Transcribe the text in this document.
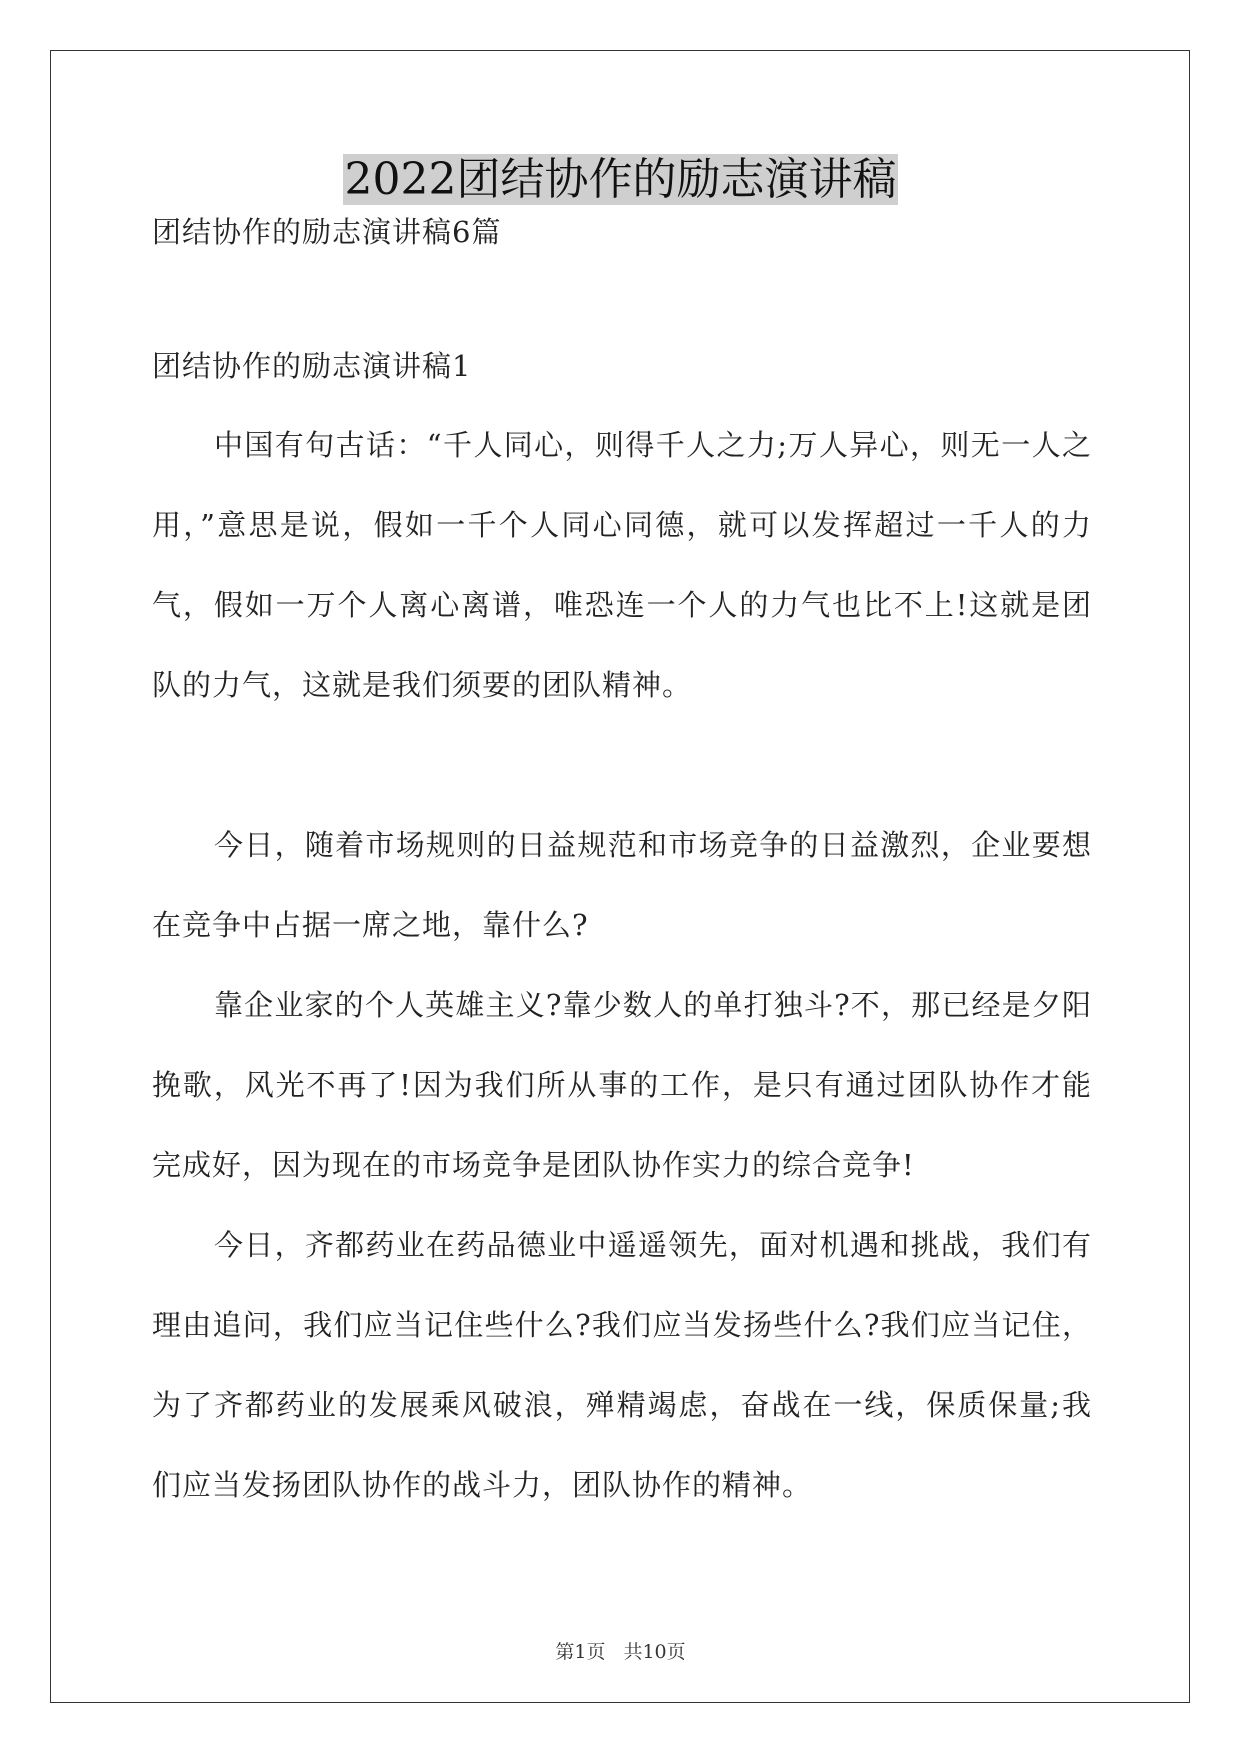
2022团结协作的励志演讲稿

团结协作的励志演讲稿6篇

团结协作的励志演讲稿1

中国有句古话：“千人同心，则得千人之力;万人异心，则无一人之用，”意思是说，假如一千个人同心同德，就可以发挥超过一千人的力气，假如一万个人离心离谱，唯恐连一个人的力气也比不上!这就是团队的力气，这就是我们须要的团队精神。

今日，随着市场规则的日益规范和市场竞争的日益激烈，企业要想在竞争中占据一席之地，靠什么?

靠企业家的个人英雄主义?靠少数人的单打独斗?不，那已经是夕阳挽歌，风光不再了!因为我们所从事的工作，是只有通过团队协作才能完成好，因为现在的市场竞争是团队协作实力的综合竞争!

今日，齐都药业在药品德业中遥遥领先，面对机遇和挑战，我们有理由追问，我们应当记住些什么?我们应当发扬些什么?我们应当记住，为了齐都药业的发展乘风破浪，殚精竭虑，奋战在一线，保质保量;我们应当发扬团队协作的战斗力，团队协作的精神。

第1页 共10页
